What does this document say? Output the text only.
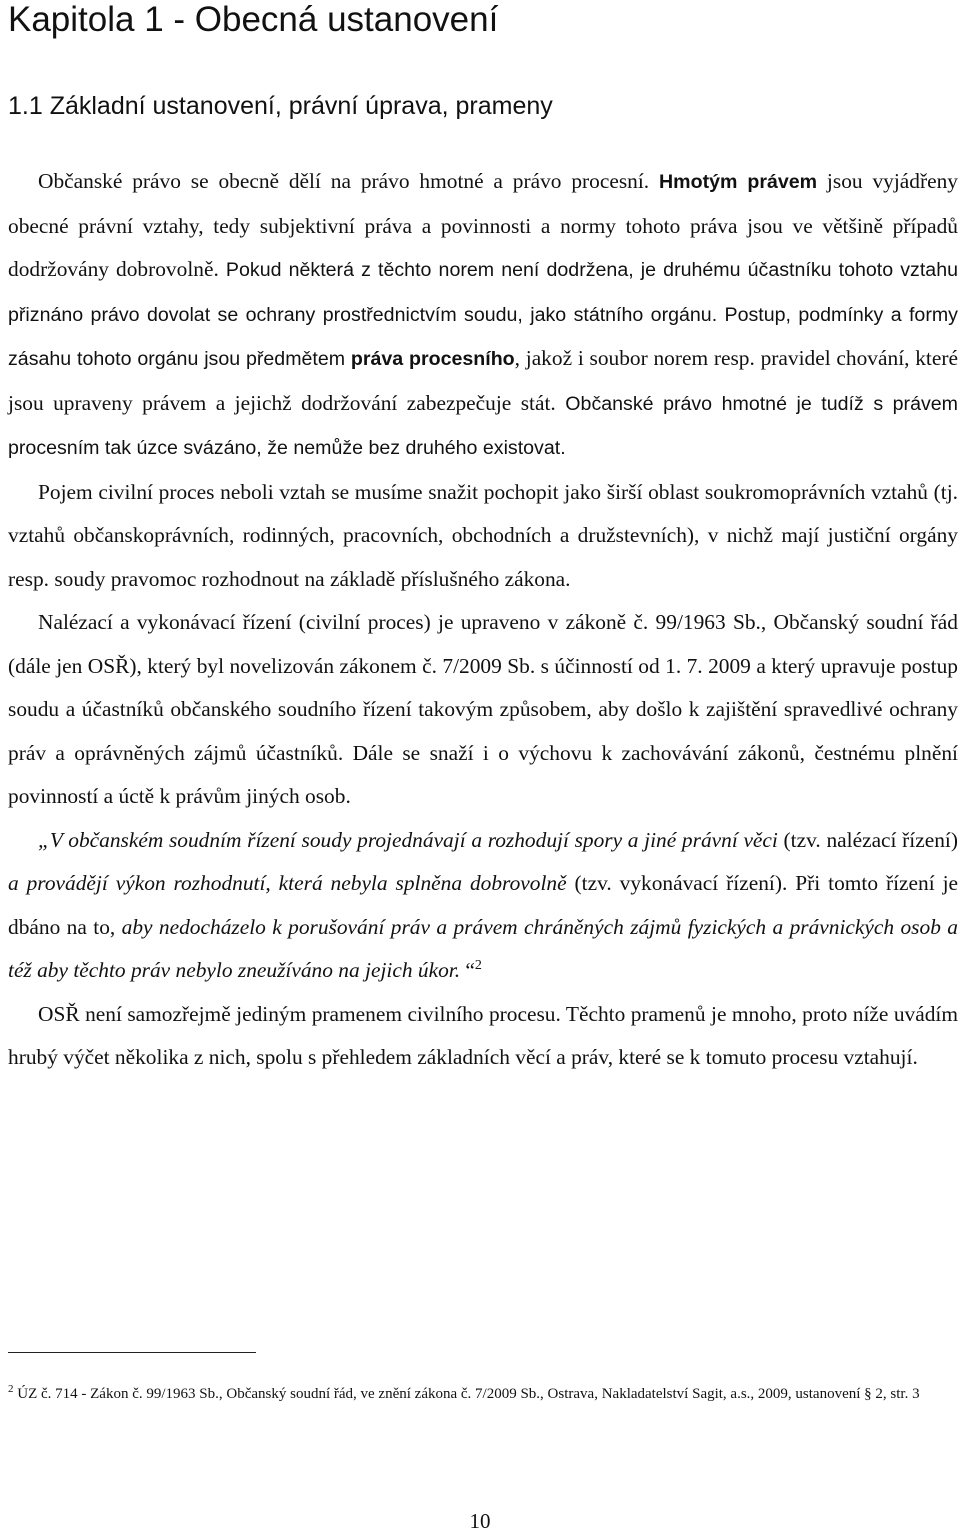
Kapitola 1 - Obecná ustanovení
1.1 Základní ustanovení, právní úprava, prameny

Občanské právo se obecně dělí na právo hmotné a právo procesní. Hmotým právem jsou vyjádřeny obecné právní vztahy, tedy subjektivní práva a povinnosti a normy tohoto práva jsou ve většině případů dodržovány dobrovolně. Pokud některá z těchto norem není dodržena, je druhému účastníku tohoto vztahu přiznáno právo dovolat se ochrany prostřednictvím soudu, jako státního orgánu. Postup, podmínky a formy zásahu tohoto orgánu jsou předmětem práva procesního, jakož i soubor norem resp. pravidel chování, které jsou upraveny právem a jejichž dodržování zabezpečuje stát. Občanské právo hmotné je tudíž s právem procesním tak úzce svázáno, že nemůže bez druhého existovat.

Pojem civilní proces neboli vztah se musíme snažit pochopit jako širší oblast soukromoprávních vztahů (tj. vztahů občanskoprávních, rodinných, pracovních, obchodních a družstevních), v nichž mají justiční orgány resp. soudy pravomoc rozhodnout na základě příslušného zákona.

Nalézací a vykonávací řízení (civilní proces) je upraveno v zákoně č. 99/1963 Sb., Občanský soudní řád (dále jen OSŘ), který byl novelizován zákonem č. 7/2009 Sb. s účinností od 1. 7. 2009 a který upravuje postup soudu a účastníků občanského soudního řízení takovým způsobem, aby došlo k zajištění spravedlivé ochrany práv a oprávněných zájmů účastníků. Dále se snaží i o výchovu k zachovávání zákonů, čestnému plnění povinností a úctě k právům jiných osob.

„V občanském soudním řízení soudy projednávají a rozhodují spory a jiné právní věci (tzv. nalézací řízení) a provádějí výkon rozhodnutí, která nebyla splněna dobrovolně (tzv. vykonávací řízení). Při tomto řízení je dbáno na to, aby nedocházelo k porušování práv a právem chráněných zájmů fyzických a právnických osob a též aby těchto práv nebylo zneužíváno na jejich úkor. “$^2$

OSŘ není samozřejmě jediným pramenem civilního procesu. Těchto pramenů je mnoho, proto níže uvádím hrubý výčet několika z nich, spolu s přehledem základních věcí a práv, které se k tomuto procesu vztahují.

$^2$ ÚZ č. 714 - Zákon č. 99/1963 Sb., Občanský soudní řád, ve znění zákona č. 7/2009 Sb., Ostrava, Nakladatelství Sagit, a.s., 2009, ustanovení § 2, str. 3
10
